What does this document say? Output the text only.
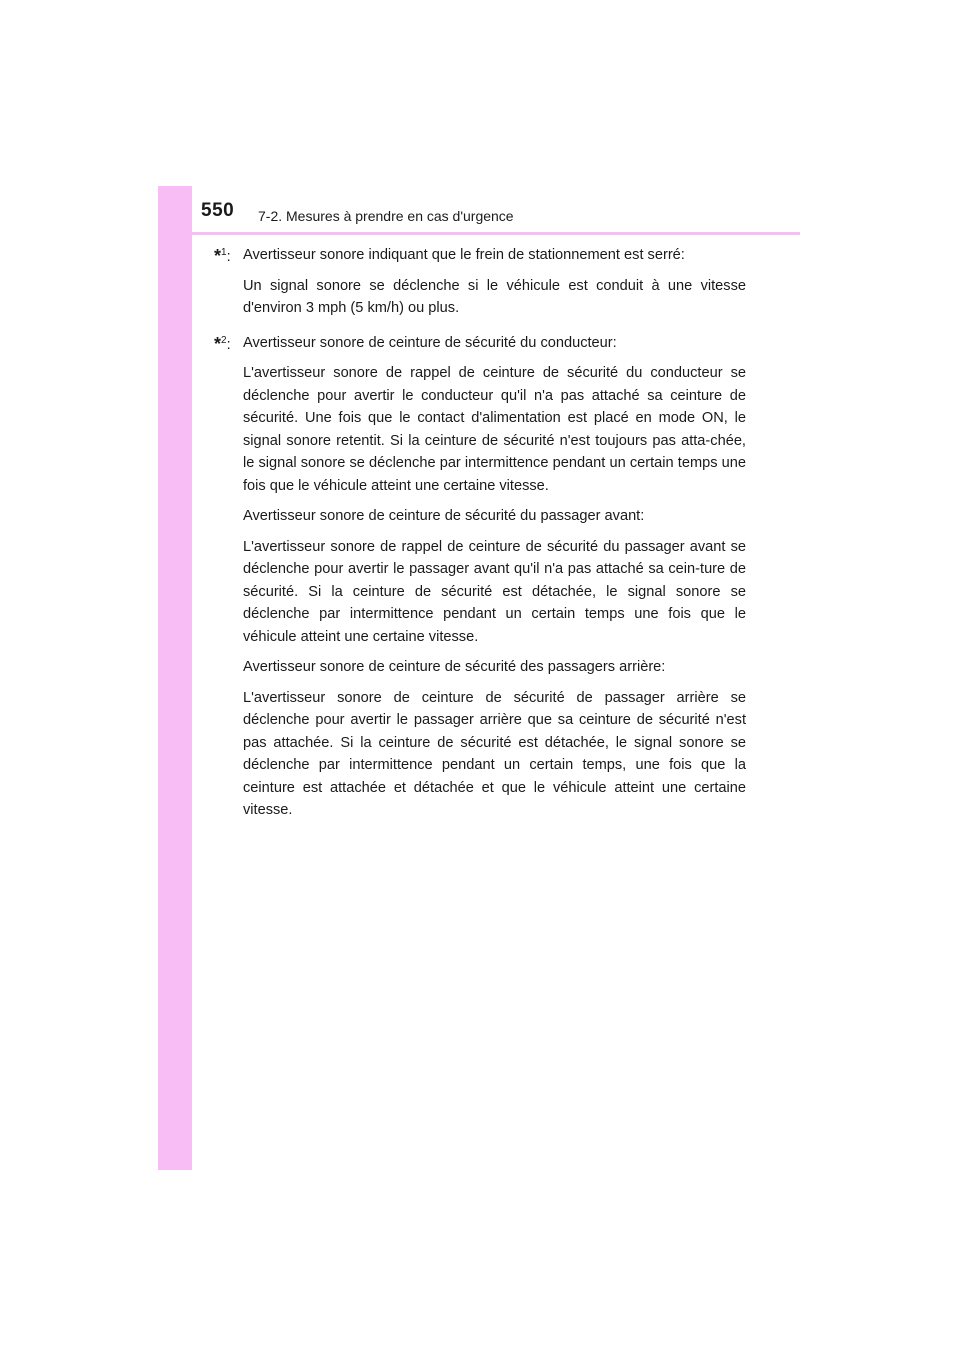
550 7-2. Mesures à prendre en cas d'urgence
*$^1$: Avertisseur sonore indiquant que le frein de stationnement est serré:
Un signal sonore se déclenche si le véhicule est conduit à une vitesse d'environ 3 mph (5 km/h) ou plus.
*$^2$: Avertisseur sonore de ceinture de sécurité du conducteur:
L'avertisseur sonore de rappel de ceinture de sécurité du conducteur se déclenche pour avertir le conducteur qu'il n'a pas attaché sa ceinture de sécurité. Une fois que le contact d'alimentation est placé en mode ON, le signal sonore retentit. Si la ceinture de sécurité n'est toujours pas atta-chée, le signal sonore se déclenche par intermittence pendant un certain temps une fois que le véhicule atteint une certaine vitesse.
Avertisseur sonore de ceinture de sécurité du passager avant:
L'avertisseur sonore de rappel de ceinture de sécurité du passager avant se déclenche pour avertir le passager avant qu'il n'a pas attaché sa cein-ture de sécurité. Si la ceinture de sécurité est détachée, le signal sonore se déclenche par intermittence pendant un certain temps une fois que le véhicule atteint une certaine vitesse.
Avertisseur sonore de ceinture de sécurité des passagers arrière:
L'avertisseur sonore de ceinture de sécurité de passager arrière se déclenche pour avertir le passager arrière que sa ceinture de sécurité n'est pas attachée. Si la ceinture de sécurité est détachée, le signal sonore se déclenche par intermittence pendant un certain temps, une fois que la ceinture est attachée et détachée et que le véhicule atteint une certaine vitesse.
